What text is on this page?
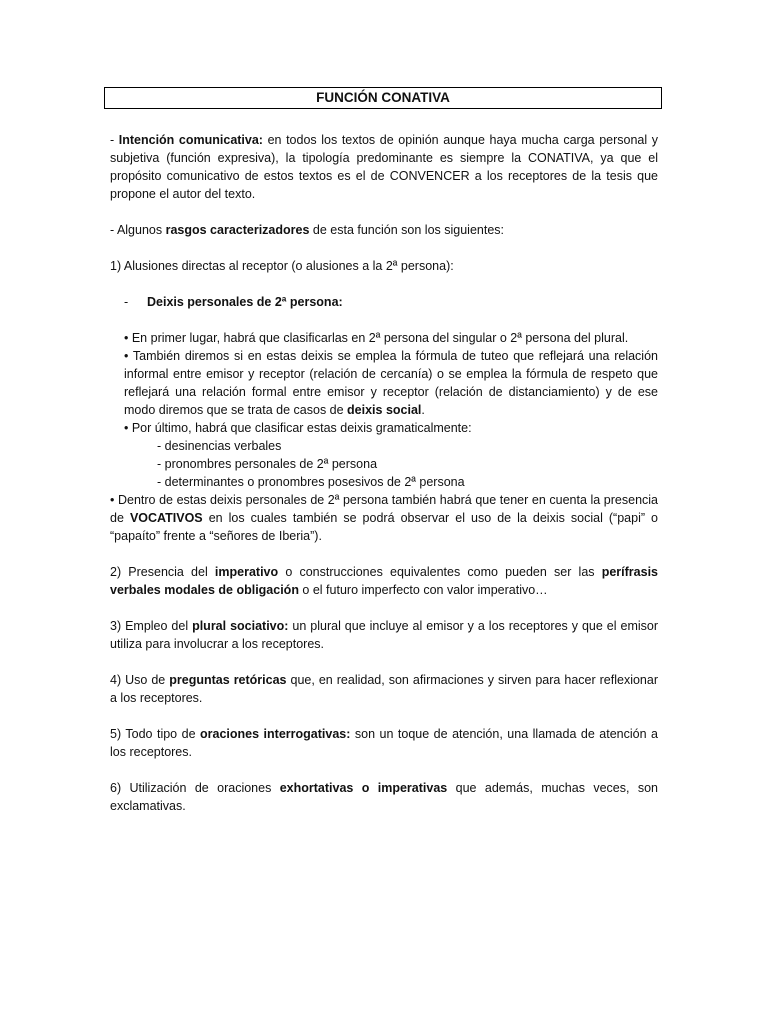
FUNCIÓN CONATIVA

- Intención comunicativa: en todos los textos de opinión aunque haya mucha carga personal y subjetiva (función expresiva), la tipología predominante es siempre la CONATIVA, ya que el propósito comunicativo de estos textos es el de CONVENCER a los receptores de la tesis que propone el autor del texto.

- Algunos rasgos caracterizadores de esta función son los siguientes:

1) Alusiones directas al receptor (o alusiones a la 2ª persona):

- Deixis personales de 2ª persona:

• En primer lugar, habrá que clasificarlas en 2ª persona del singular o 2ª persona del plural.

• También diremos si en estas deixis se emplea la fórmula de tuteo que reflejará una relación informal entre emisor y receptor (relación de cercanía) o se emplea la fórmula de respeto que reflejará una relación formal entre emisor y receptor (relación de distanciamiento) y de ese modo diremos que se trata de casos de deixis social.

• Por último, habrá que clasificar estas deixis gramaticalmente:

- desinencias verbales

- pronombres personales de 2ª persona

- determinantes o pronombres posesivos de 2ª persona

• Dentro de estas deixis personales de 2ª persona también habrá que tener en cuenta la presencia de VOCATIVOS en los cuales también se podrá observar el uso de la deixis social (“papi” o “papaíto” frente a “señores de Iberia”).

2) Presencia del imperativo o construcciones equivalentes como pueden ser las perífrasis verbales modales de obligación o el futuro imperfecto con valor imperativo…

3) Empleo del plural sociativo: un plural que incluye al emisor y a los receptores y que el emisor utiliza para involucrar a los receptores.

4) Uso de preguntas retóricas que, en realidad, son afirmaciones y sirven para hacer reflexionar a los receptores.

5) Todo tipo de oraciones interrogativas: son un toque de atención, una llamada de atención a los receptores.

6) Utilización de oraciones exhortativas o imperativas que además, muchas veces, son exclamativas.
